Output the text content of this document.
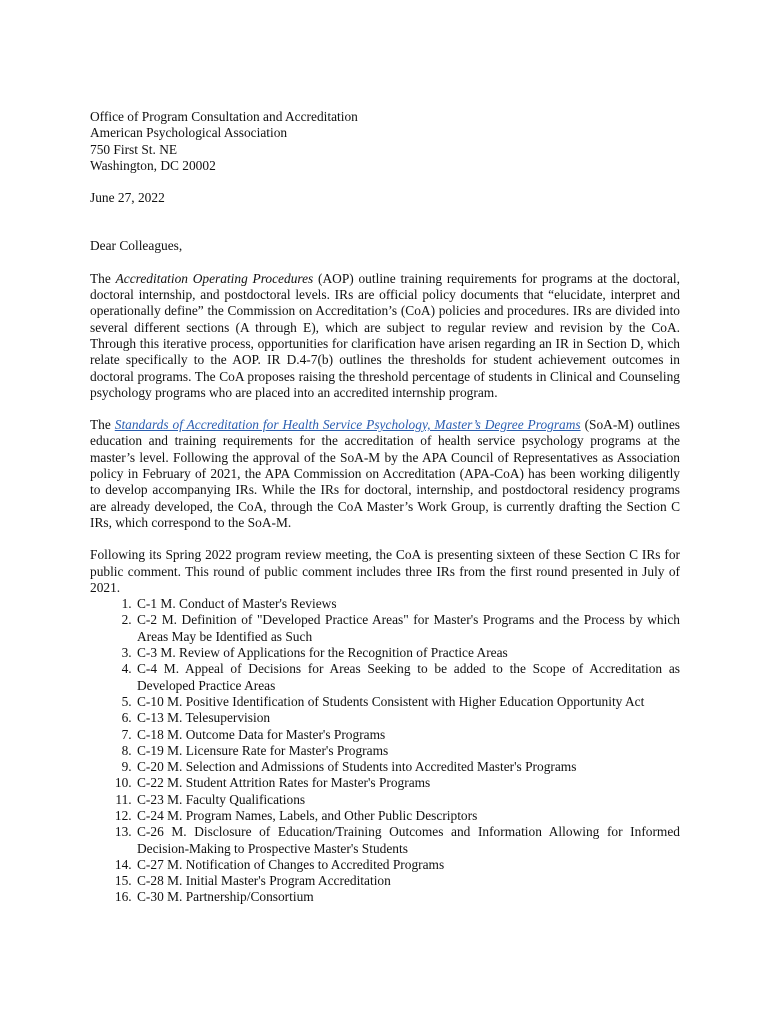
Office of Program Consultation and Accreditation
American Psychological Association
750 First St. NE
Washington, DC 20002
June 27, 2022
Dear Colleagues,

The Accreditation Operating Procedures (AOP) outline training requirements for programs at the doctoral, doctoral internship, and postdoctoral levels. IRs are official policy documents that “elucidate, interpret and operationally define” the Commission on Accreditation’s (CoA) policies and procedures. IRs are divided into several different sections (A through E), which are subject to regular review and revision by the CoA. Through this iterative process, opportunities for clarification have arisen regarding an IR in Section D, which relate specifically to the AOP. IR D.4-7(b) outlines the thresholds for student achievement outcomes in doctoral programs. The CoA proposes raising the threshold percentage of students in Clinical and Counseling psychology programs who are placed into an accredited internship program.

The Standards of Accreditation for Health Service Psychology, Master’s Degree Programs (SoA-M) outlines education and training requirements for the accreditation of health service psychology programs at the master’s level. Following the approval of the SoA-M by the APA Council of Representatives as Association policy in February of 2021, the APA Commission on Accreditation (APA-CoA) has been working diligently to develop accompanying IRs. While the IRs for doctoral, internship, and postdoctoral residency programs are already developed, the CoA, through the CoA Master’s Work Group, is currently drafting the Section C IRs, which correspond to the SoA-M.

Following its Spring 2022 program review meeting, the CoA is presenting sixteen of these Section C IRs for public comment. This round of public comment includes three IRs from the first round presented in July of 2021.

1. C-1 M. Conduct of Master's Reviews
2. C-2 M. Definition of "Developed Practice Areas" for Master's Programs and the Process by which Areas May be Identified as Such
3. C-3 M. Review of Applications for the Recognition of Practice Areas
4. C-4 M. Appeal of Decisions for Areas Seeking to be added to the Scope of Accreditation as Developed Practice Areas
5. C-10 M. Positive Identification of Students Consistent with Higher Education Opportunity Act
6. C-13 M. Telesupervision
7. C-18 M. Outcome Data for Master's Programs
8. C-19 M. Licensure Rate for Master's Programs
9. C-20 M. Selection and Admissions of Students into Accredited Master's Programs
10. C-22 M. Student Attrition Rates for Master's Programs
11. C-23 M. Faculty Qualifications
12. C-24 M. Program Names, Labels, and Other Public Descriptors
13. C-26 M. Disclosure of Education/Training Outcomes and Information Allowing for Informed Decision-Making to Prospective Master's Students
14. C-27 M. Notification of Changes to Accredited Programs
15. C-28 M. Initial Master's Program Accreditation
16. C-30 M. Partnership/Consortium
